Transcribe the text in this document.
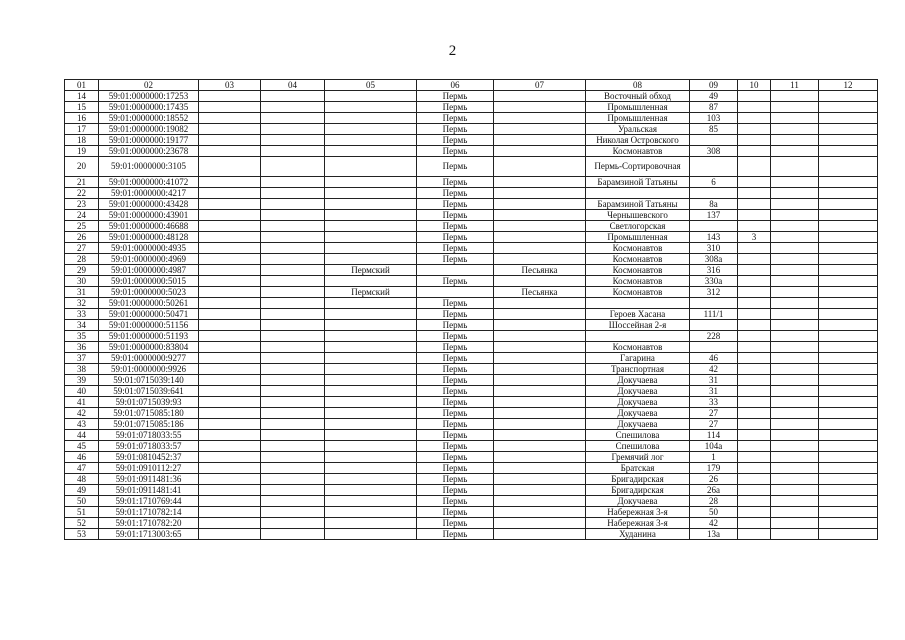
2
01	02	03	04	05	06	07	08	09	10	11	12
14	59:01:0000000:17253				Пермь		Восточный обход	49			
15	59:01:0000000:17435				Пермь		Промышленная	87			
16	59:01:0000000:18552				Пермь		Промышленная	103			
17	59:01:0000000:19082				Пермь		Уральская	85			
18	59:01:0000000:19177				Пермь		Николая Островского				
19	59:01:0000000:23678				Пермь		Космонавтов	308			
20	59:01:0000000:3105				Пермь		Пермь-Сортировочная				
21	59:01:0000000:41072				Пермь		Барамзиной Татьяны	6			
22	59:01:0000000:4217				Пермь						
23	59:01:0000000:43428				Пермь		Барамзиной Татьяны	8а			
24	59:01:0000000:43901				Пермь		Чернышевского	137			
25	59:01:0000000:46688				Пермь		Светлогорская				
26	59:01:0000000:48128				Пермь		Промышленная	143	3		
27	59:01:0000000:4935				Пермь		Космонавтов	310			
28	59:01:0000000:4969				Пермь		Космонавтов	308а			
29	59:01:0000000:4987			Пермский		Песьянка	Космонавтов	316			
30	59:01:0000000:5015				Пермь		Космонавтов	330а			
31	59:01:0000000:5023			Пермский		Песьянка	Космонавтов	312			
32	59:01:0000000:50261				Пермь						
33	59:01:0000000:50471				Пермь		Героев Хасана	111/1			
34	59:01:0000000:51156				Пермь		Шоссейная 2-я				
35	59:01:0000000:51193				Пермь			228			
36	59:01:0000000:83804				Пермь		Космонавтов				
37	59:01:0000000:9277				Пермь		Гагарина	46			
38	59:01:0000000:9926				Пермь		Транспортная	42			
39	59:01:0715039:140				Пермь		Докучаева	31			
40	59:01:0715039:641				Пермь		Докучаева	31			
41	59:01:0715039:93				Пермь		Докучаева	33			
42	59:01:0715085:180				Пермь		Докучаева	27			
43	59:01:0715085:186				Пермь		Докучаева	27			
44	59:01:0718033:55				Пермь		Спешилова	114			
45	59:01:0718033:57				Пермь		Спешилова	104а			
46	59:01:0810452:37				Пермь		Гремячий лог	1			
47	59:01:0910112:27				Пермь		Братская	179			
48	59:01:0911481:36				Пермь		Бригадирская	26			
49	59:01:0911481:41				Пермь		Бригадирская	26а			
50	59:01:1710769:44				Пермь		Докучаева	28			
51	59:01:1710782:14				Пермь		Набережная 3-я	50			
52	59:01:1710782:20				Пермь		Набережная 3-я	42			
53	59:01:1713003:65				Пермь		Худанина	13а			
